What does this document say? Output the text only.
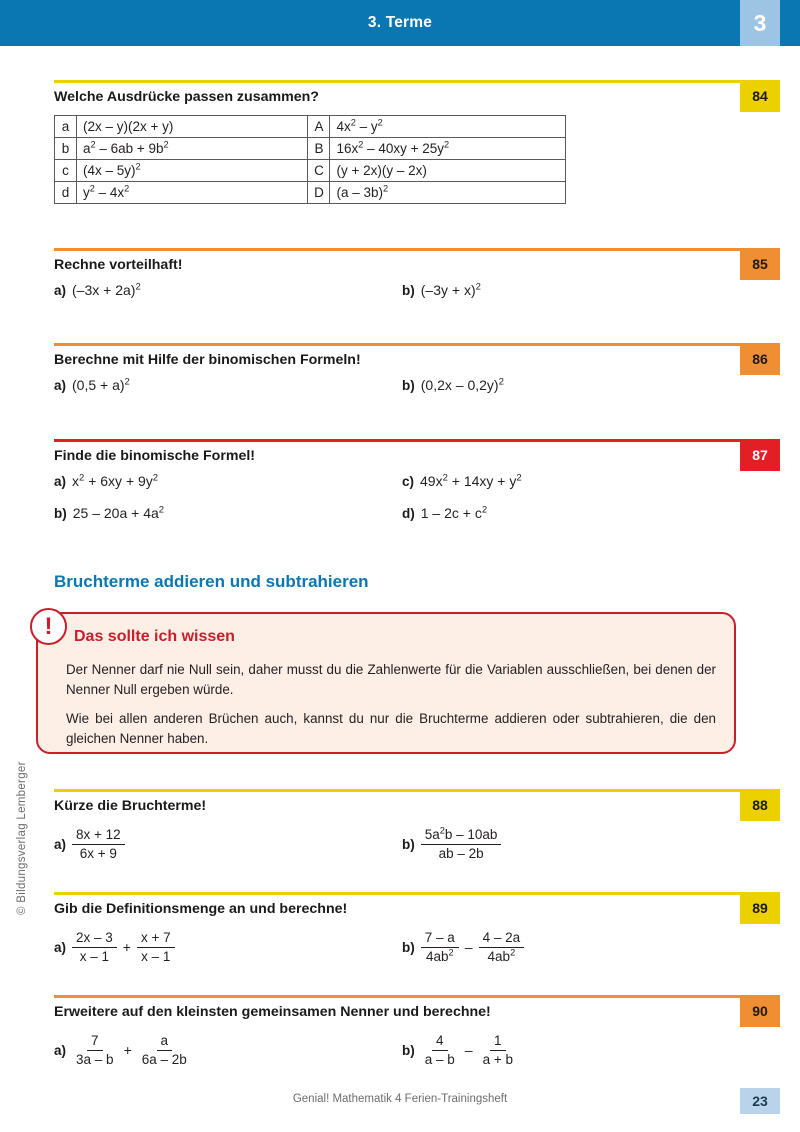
3. Terme	3
© Bildungsverlag Lemberger
84
Welche Ausdrücke passen zusammen?
a	(2x – y)(2x + y)	A	$4x^2 - y^2$
b	$a^2 - 6ab + 9b^2$	B	$16x^2 - 40xy + 25y^2$
c	(4x – 5y)$^2$	C	(y + 2x)(y – 2x)
d	$y^2 - 4x^2$	D	(a – 3b)$^2$
85
Rechne vorteilhaft!
a) $(-3x + 2a)^2$	b) $(-3y + x)^2$
86
Berechne mit Hilfe der binomischen Formeln!
a) $(0,5 + a)^2$	b) (0,2x – 0,2y)$^2$
87
Finde die binomische Formel!
a) $x^2 + 6xy + 9y^2$	c) $49x^2 + 14xy + y^2$
b) $25 - 20a + 4a^2$	d) $1 - 2c + c^2$
Bruchterme addieren und subtrahieren
!	Das sollte ich wissen

Der Nenner darf nie Null sein, daher musst du die Zahlenwerte für die Variablen ausschließen, bei denen der Nenner Null ergeben würde.

Wie bei allen anderen Brüchen auch, kannst du nur die Bruchterme addieren oder subtrahieren, die den gleichen Nenner haben.

88
Kürze die Bruchterme!
$a) \frac{8x + 12}{6x + 9}$	$b) \frac{5a^2b - 10ab}{ab - 2b}$
89
Gib die Definitionsmenge an und berechne!
$a) \frac{2x - 3}{x - 1} + \frac{x + 7}{x - 1}$	$b) \frac{7 - a}{4ab^2} - \frac{4 - 2a}{4ab^2}$
90
Erweitere auf den kleinsten gemeinsamen Nenner und berechne!
$a) \frac{7}{3a - b} + \frac{a}{6a - 2b}$	$b) \frac{4}{a - b} - \frac{1}{a + b}$
Genial! Mathematik 4 Ferien-Trainingsheft	23
